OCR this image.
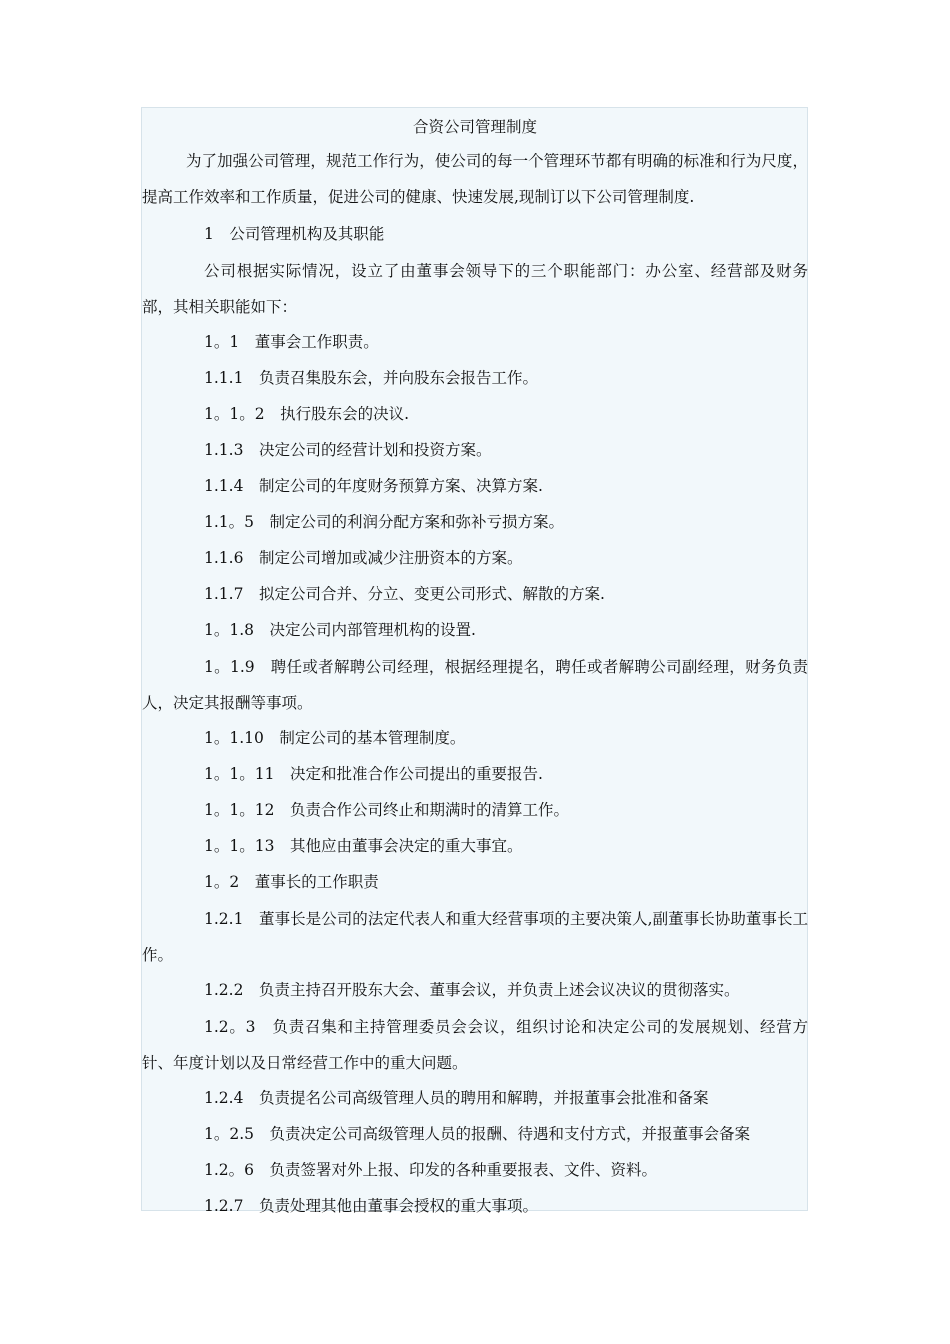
合资公司管理制度
为了加强公司管理，规范工作行为，使公司的每一个管理环节都有明确的标准和行为尺度，提高工作效率和工作质量，促进公司的健康、快速发展,现制订以下公司管理制度.
1　公司管理机构及其职能
公司根据实际情况，设立了由董事会领导下的三个职能部门：办公室、经营部及财务部，其相关职能如下：
1。1　董事会工作职责。
1.1.1　负责召集股东会，并向股东会报告工作。
1。1。2　执行股东会的决议.
1.1.3　决定公司的经营计划和投资方案。
1.1.4　制定公司的年度财务预算方案、决算方案.
1.1。5　制定公司的利润分配方案和弥补亏损方案。
1.1.6　制定公司增加或减少注册资本的方案。
1.1.7　拟定公司合并、分立、变更公司形式、解散的方案.
1。1.8　决定公司内部管理机构的设置.
1。1.9　聘任或者解聘公司经理，根据经理提名，聘任或者解聘公司副经理，财务负责人，决定其报酬等事项。
1。1.10　制定公司的基本管理制度。
1。1。11　决定和批准合作公司提出的重要报告.
1。1。12　负责合作公司终止和期满时的清算工作。
1。1。13　其他应由董事会决定的重大事宜。
1。2　董事长的工作职责
1.2.1　董事长是公司的法定代表人和重大经营事项的主要决策人,副董事长协助董事长工作。
1.2.2　负责主持召开股东大会、董事会议，并负责上述会议决议的贯彻落实。
1.2。3　负责召集和主持管理委员会会议，组织讨论和决定公司的发展规划、经营方针、年度计划以及日常经营工作中的重大问题。
1.2.4　负责提名公司高级管理人员的聘用和解聘，并报董事会批准和备案
1。2.5　负责决定公司高级管理人员的报酬、待遇和支付方式，并报董事会备案
1.2。6　负责签署对外上报、印发的各种重要报表、文件、资料。
1.2.7　负责处理其他由董事会授权的重大事项。
